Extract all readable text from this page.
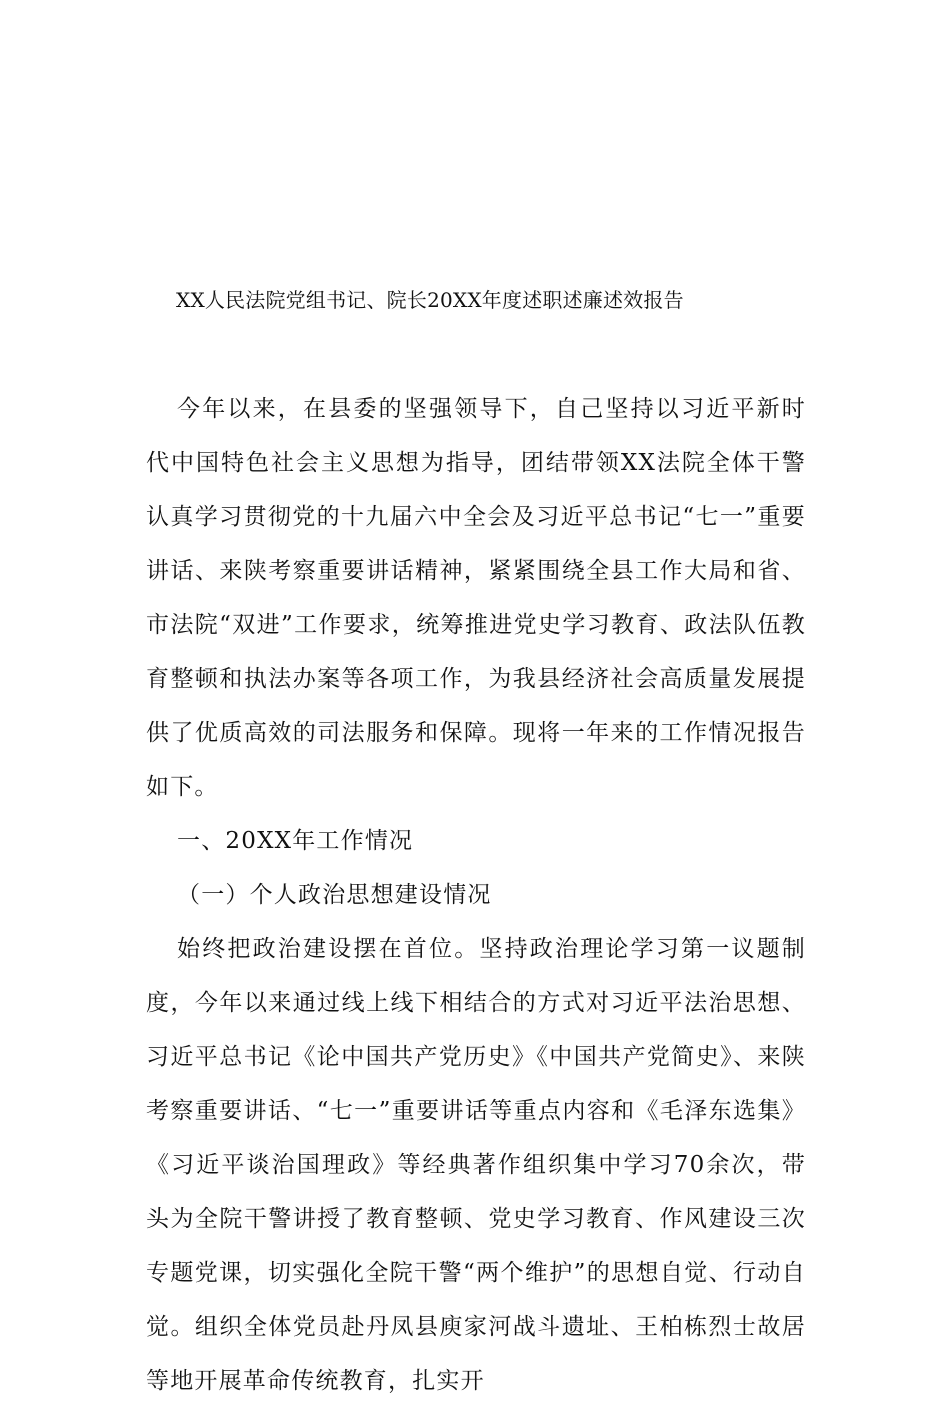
XX人民法院党组书记、院长20XX年度述职述廉述效报告

今年以来，在县委的坚强领导下，自己坚持以习近平新时代中国特色社会主义思想为指导，团结带领XX法院全体干警认真学习贯彻党的十九届六中全会及习近平总书记“七一”重要讲话、来陕考察重要讲话精神，紧紧围绕全县工作大局和省、市法院“双进”工作要求，统筹推进党史学习教育、政法队伍教育整顿和执法办案等各项工作，为我县经济社会高质量发展提供了优质高效的司法服务和保障。现将一年来的工作情况报告如下。

一、20XX年工作情况

（一）个人政治思想建设情况

始终把政治建设摆在首位。坚持政治理论学习第一议题制度，今年以来通过线上线下相结合的方式对习近平法治思想、习近平总书记《论中国共产党历史》《中国共产党简史》、来陕考察重要讲话、“七一”重要讲话等重点内容和《毛泽东选集》《习近平谈治国理政》等经典著作组织集中学习70余次，带头为全院干警讲授了教育整顿、党史学习教育、作风建设三次专题党课，切实强化全院干警“两个维护”的思想自觉、行动自觉。组织全体党员赴丹凤县庾家河战斗遗址、王柏栋烈士故居等地开展革命传统教育，扎实开
